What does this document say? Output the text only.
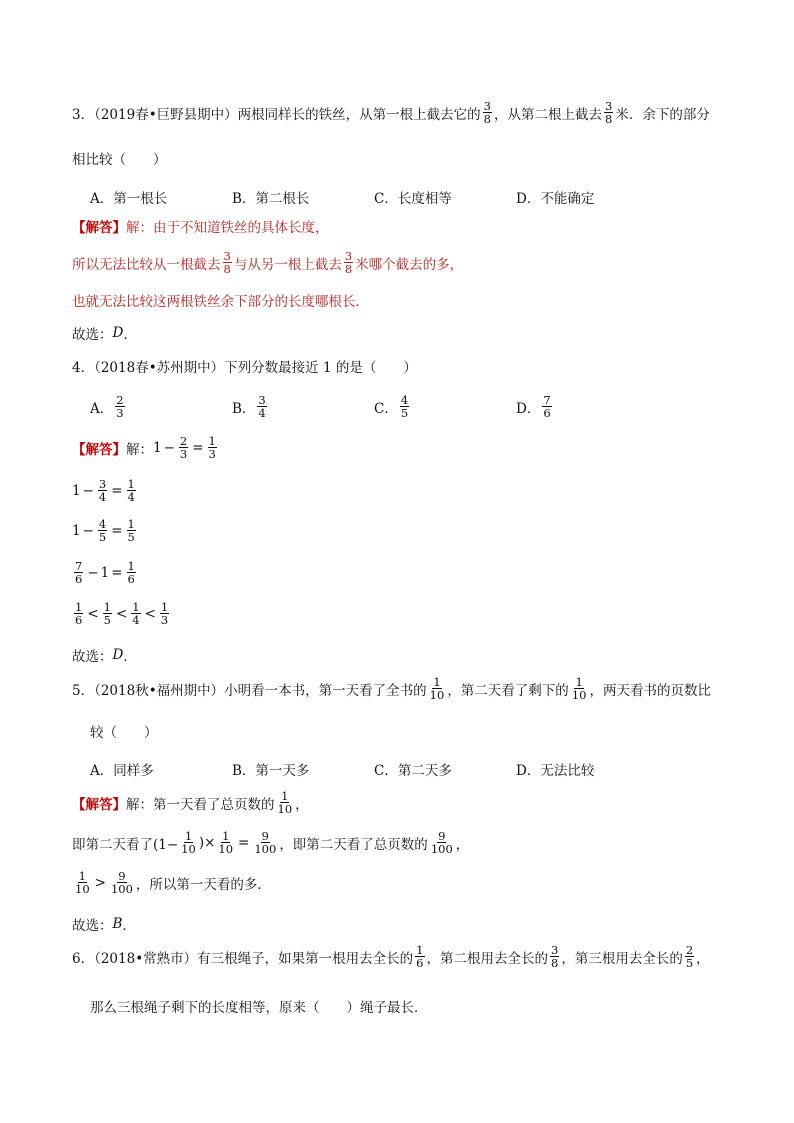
3．（2019春•巨野县期中）两根同样长的铁丝，从第一根上截去它的 $\frac{3}{8}$ ，从第二根上截去 $\frac{3}{8}$ 米．余下的部分
相比较（　　）
A．第一根长	B．第二根长	C．长度相等	D．不能确定
【解答】 解：由于不知道铁丝的具体长度，
所以无法比较从一根截去 $\frac{3}{8}$ 与从另一根上截去 $\frac{3}{8}$ 米哪个截去的多，
也就无法比较这两根铁丝余下部分的长度哪根长．
故选： D ．
4．（2018春•苏州期中）下列分数最接近 1 的是（　　）
A． $\frac{2}{3}$	B． $\frac{3}{4}$	C． $\frac{4}{5}$	D． $\frac{7}{6}$
【解答】 解： $1 - \frac{2}{3} = \frac{1}{3}$
$1 - \frac{3}{4} = \frac{1}{4}$
$1 - \frac{4}{5} = \frac{1}{5}$
$\frac{7}{6} - 1 = \frac{1}{6}$
$\frac{1}{6} < \frac{1}{5} < \frac{1}{4} < \frac{1}{3}$
故选： D ．
5．（2018秋•福州期中）小明看一本书，第一天看了全书的 $\frac{1}{10}$ ，第二天看了剩下的 $\frac{1}{10}$ ，两天看书的页数比
较（　　）
A．同样多	B．第一天多	C．第二天多	D．无法比较
【解答】 解：第一天看了总页数的 $\frac{1}{10}$ ，
即第二天看了($1- \frac{1}{10}$ )× $\frac{1}{10} = \frac{9}{100}$ ，即第二天看了总页数的 $\frac{9}{100}$ ，
$\frac{1}{10} > \frac{9}{100}$ ，所以第一天看的多．
故选： B ．
6．（2018•常熟市）有三根绳子，如果第一根用去全长的 $\frac{1}{6}$ ，第二根用去全长的 $\frac{3}{8}$ ，第三根用去全长的 $\frac{2}{5}$ ，
那么三根绳子剩下的长度相等，原来（　　）绳子最长．
